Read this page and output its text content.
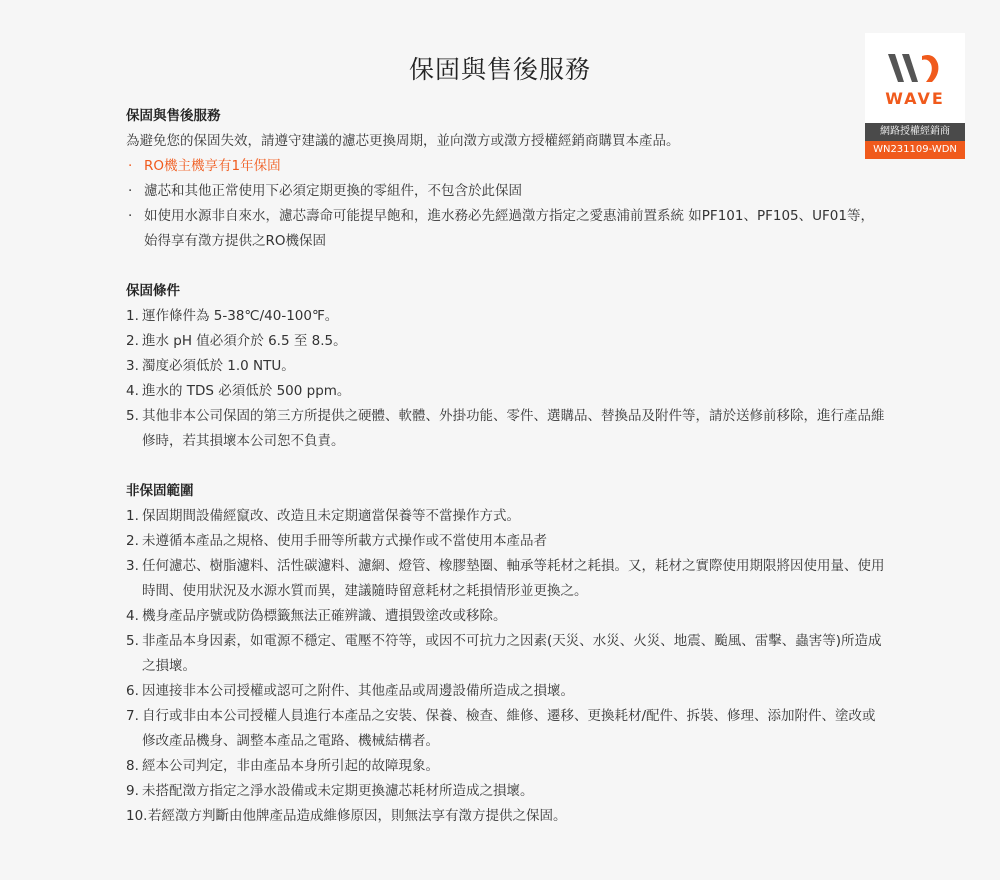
保固與售後服務
WAVE
網路授權經銷商
WN231109-WDN
保固與售後服務
為避免您的保固失效，請遵守建議的濾芯更換周期，並向澂方或澂方授權經銷商購買本產品。
· RO機主機享有1年保固
· 濾芯和其他正常使用下必須定期更換的零組件，不包含於此保固
· 如使用水源非自來水，濾芯壽命可能提早飽和，進水務必先經過澂方指定之愛惠浦前置系統 如PF101、PF105、UF01等，始得享有澂方提供之RO機保固
保固條件
1. 運作條件為 5-38℃/40-100℉。
2. 進水 pH 值必須介於 6.5 至 8.5。
3. 濁度必須低於 1.0 NTU。
4. 進水的 TDS 必須低於 500 ppm。
5. 其他非本公司保固的第三方所提供之硬體、軟體、外掛功能、零件、選購品、替換品及附件等，請於送修前移除，進行產品維修時，若其損壞本公司恕不負責。
非保固範圍
1. 保固期間設備經竄改、改造且未定期適當保養等不當操作方式。
2. 未遵循本產品之規格、使用手冊等所載方式操作或不當使用本產品者
3. 任何濾芯、樹脂濾料、活性碳濾料、濾網、燈管、橡膠墊圈、軸承等耗材之耗損。又，耗材之實際使用期限將因使用量、使用時間、使用狀況及水源水質而異，建議隨時留意耗材之耗損情形並更換之。
4. 機身產品序號或防偽標籤無法正確辨識、遭損毀塗改或移除。
5. 非產品本身因素，如電源不穩定、電壓不符等，或因不可抗力之因素(天災、水災、火災、地震、颱風、雷擊、蟲害等)所造成之損壞。
6. 因連接非本公司授權或認可之附件、其他產品或周邊設備所造成之損壞。
7. 自行或非由本公司授權人員進行本產品之安裝、保養、檢查、維修、遷移、更換耗材/配件、拆裝、修理、添加附件、塗改或修改產品機身、調整本產品之電路、機械結構者。
8. 經本公司判定，非由產品本身所引起的故障現象。
9. 未搭配澂方指定之淨水設備或未定期更換濾芯耗材所造成之損壞。
10. 若經澂方判斷由他牌產品造成維修原因，則無法享有澂方提供之保固。
